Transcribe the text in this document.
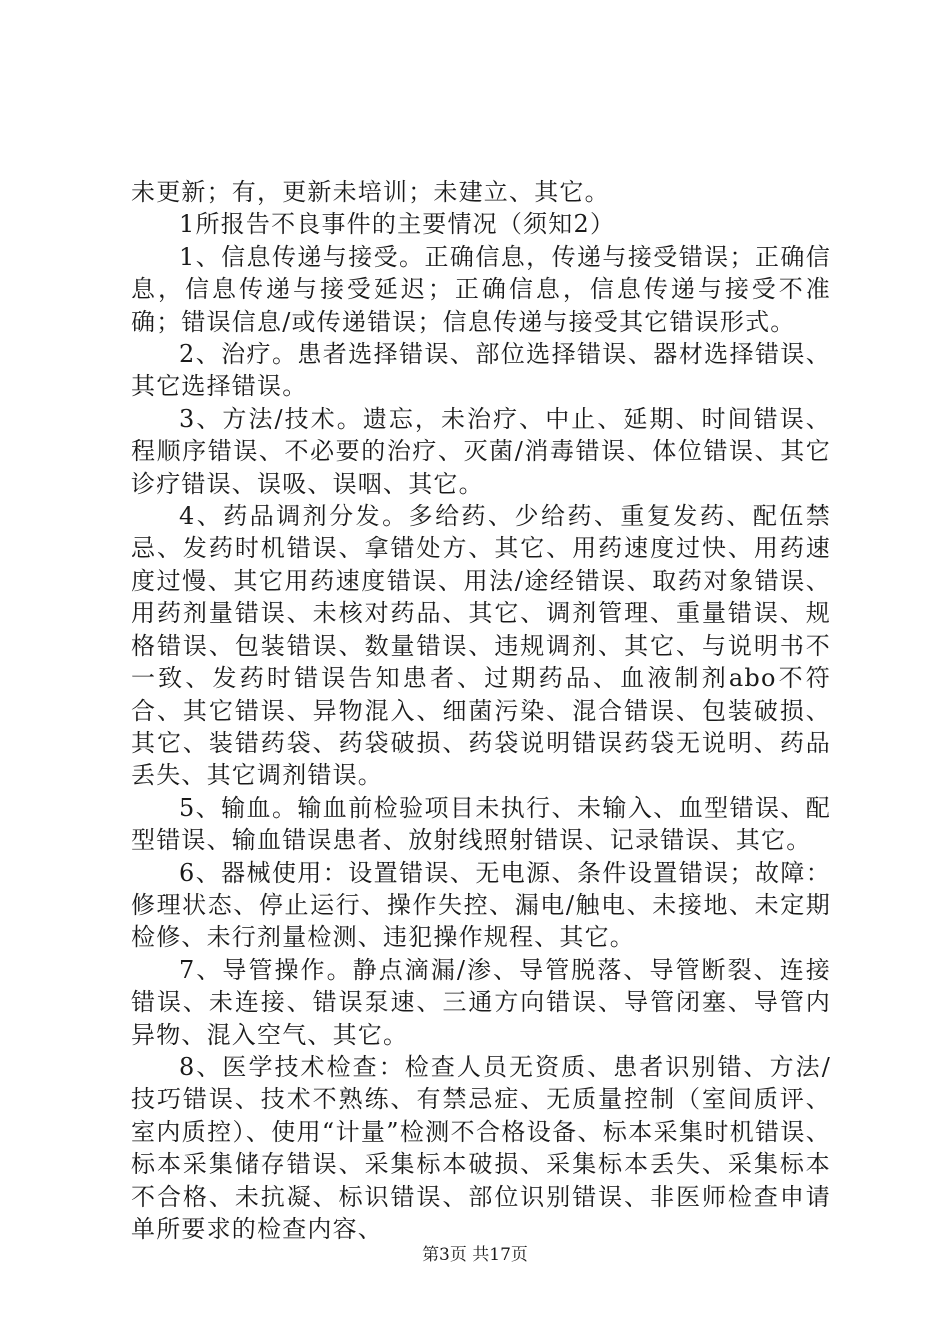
未更新；有，更新未培训；未建立、其它。

1所报告不良事件的主要情况（须知2）

1、信息传递与接受。正确信息，传递与接受错误；正确信息，信息传递与接受延迟；正确信息，信息传递与接受不准确；错误信息/或传递错误；信息传递与接受其它错误形式。

2、治疗。患者选择错误、部位选择错误、器材选择错误、其它选择错误。

3、方法/技术。遗忘，未治疗、中止、延期、时间错误、程顺序错误、不必要的治疗、灭菌/消毒错误、体位错误、其它诊疗错误、误吸、误咽、其它。

4、药品调剂分发。多给药、少给药、重复发药、配伍禁忌、发药时机错误、拿错处方、其它、用药速度过快、用药速度过慢、其它用药速度错误、用法/途经错误、取药对象错误、用药剂量错误、未核对药品、其它、调剂管理、重量错误、规格错误、包装错误、数量错误、违规调剂、其它、与说明书不一致、发药时错误告知患者、过期药品、血液制剂abo不符合、其它错误、异物混入、细菌污染、混合错误、包装破损、其它、装错药袋、药袋破损、药袋说明错误药袋无说明、药品丢失、其它调剂错误。

5、输血。输血前检验项目未执行、未输入、血型错误、配型错误、输血错误患者、放射线照射错误、记录错误、其它。

6、器械使用：设置错误、无电源、条件设置错误；故障：修理状态、停止运行、操作失控、漏电/触电、未接地、未定期检修、未行剂量检测、违犯操作规程、其它。

7、导管操作。静点滴漏/渗、导管脱落、导管断裂、连接错误、未连接、错误泵速、三通方向错误、导管闭塞、导管内异物、混入空气、其它。

8、医学技术检查：检查人员无资质、患者识别错、方法/技巧错误、技术不熟练、有禁忌症、无质量控制（室间质评、室内质控）、使用“计量”检测不合格设备、标本采集时机错误、标本采集储存错误、采集标本破损、采集标本丢失、采集标本不合格、未抗凝、标识错误、部位识别错误、非医师检查申请单所要求的检查内容、

第3页 共17页
